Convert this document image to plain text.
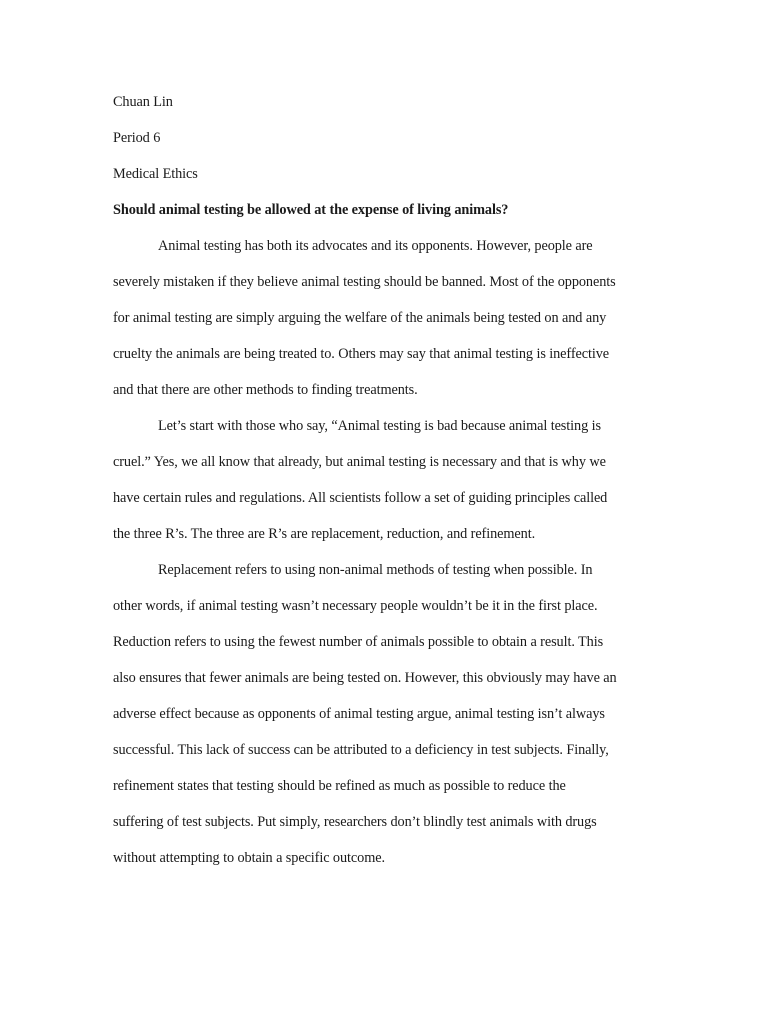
Chuan Lin
Period 6
Medical Ethics
Should animal testing be allowed at the expense of living animals?
Animal testing has both its advocates and its opponents. However, people are
severely mistaken if they believe animal testing should be banned. Most of the opponents
for animal testing are simply arguing the welfare of the animals being tested on and any
cruelty the animals are being treated to. Others may say that animal testing is ineffective
and that there are other methods to finding treatments.
Let’s start with those who say, “Animal testing is bad because animal testing is
cruel.” Yes, we all know that already, but animal testing is necessary and that is why we
have certain rules and regulations. All scientists follow a set of guiding principles called
the three R’s. The three are R’s are replacement, reduction, and refinement.
Replacement refers to using non-animal methods of testing when possible. In
other words, if animal testing wasn’t necessary people wouldn’t be it in the first place.
Reduction refers to using the fewest number of animals possible to obtain a result. This
also ensures that fewer animals are being tested on. However, this obviously may have an
adverse effect because as opponents of animal testing argue, animal testing isn’t always
successful. This lack of success can be attributed to a deficiency in test subjects. Finally,
refinement states that testing should be refined as much as possible to reduce the
suffering of test subjects. Put simply, researchers don’t blindly test animals with drugs
without attempting to obtain a specific outcome.
